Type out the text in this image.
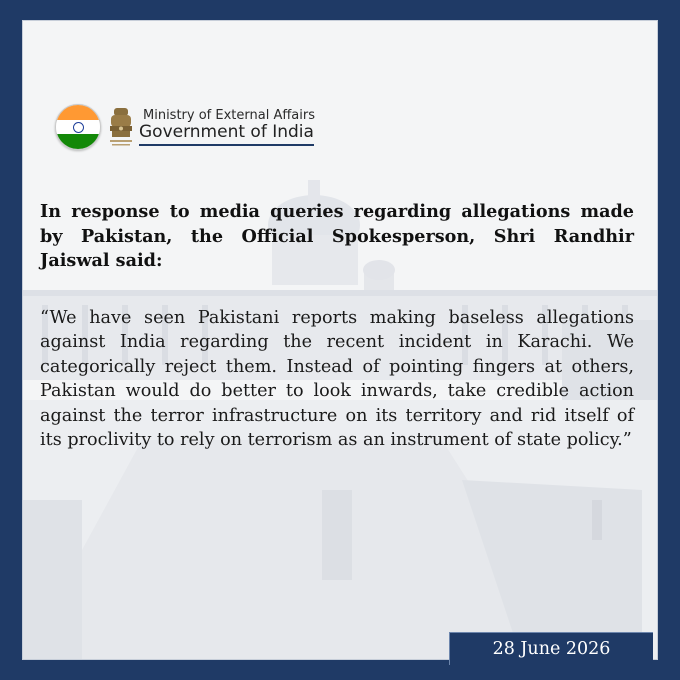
Ministry of External Affairs
Government of India
In response to media queries regarding allegations made by Pakistan, the Official Spokesperson, Shri Randhir Jaiswal said:
“We have seen Pakistani reports making baseless allegations against India regarding the recent incident in Karachi. We categorically reject them. Instead of pointing fingers at others, Pakistan would do better to look inwards, take credible action against the terror infrastructure on its territory and rid itself of its proclivity to rely on terrorism as an instrument of state policy.”
28 June 2026
